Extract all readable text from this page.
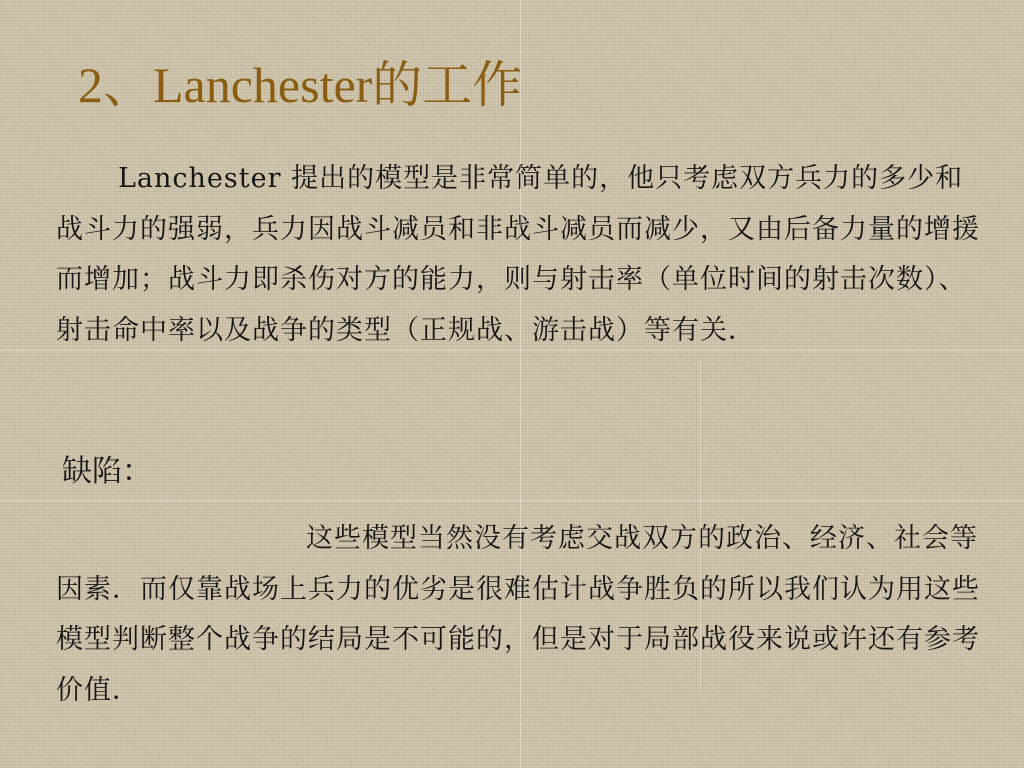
2、Lanchester的工作

Lanchester 提出的模型是非常简单的，他只考虑双方兵力的多少和战斗力的强弱，兵力因战斗减员和非战斗减员而减少，又由后备力量的增援而增加；战斗力即杀伤对方的能力，则与射击率（单位时间的射击次数）、射击命中率以及战争的类型（正规战、游击战）等有关．

缺陷：

这些模型当然没有考虑交战双方的政治、经济、社会等因素．而仅靠战场上兵力的优劣是很难估计战争胜负的所以我们认为用这些模型判断整个战争的结局是不可能的，但是对于局部战役来说或许还有参考价值．
